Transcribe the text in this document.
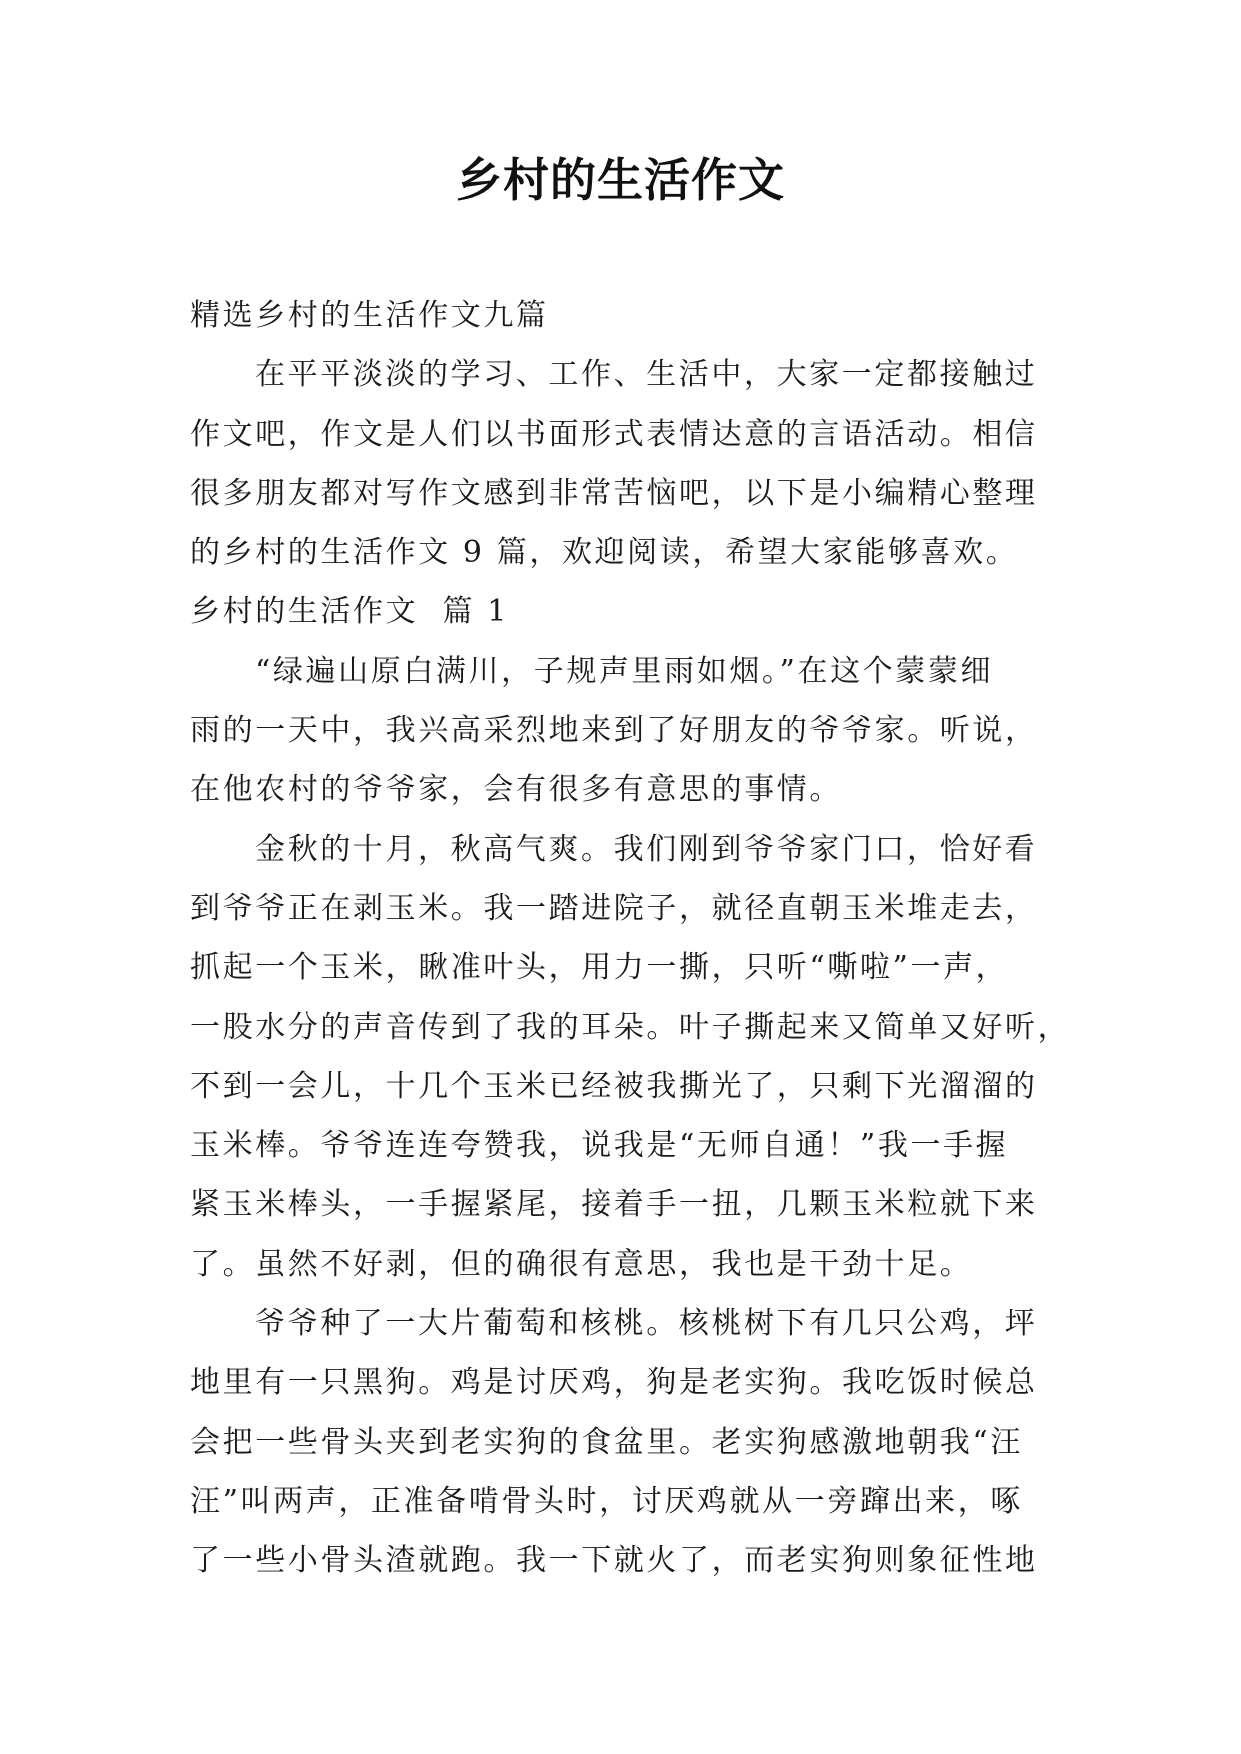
乡村的生活作文
精选乡村的生活作文九篇
在平平淡淡的学习、工作、生活中，大家一定都接触过
作文吧，作文是人们以书面形式表情达意的言语活动。相信
很多朋友都对写作文感到非常苦恼吧，以下是小编精心整理
的乡村的生活作文 9 篇，欢迎阅读，希望大家能够喜欢。
乡村的生活作文  篇 1
“绿遍山原白满川，子规声里雨如烟。”在这个蒙蒙细
雨的一天中，我兴高采烈地来到了好朋友的爷爷家。听说，
在他农村的爷爷家，会有很多有意思的事情。
金秋的十月，秋高气爽。我们刚到爷爷家门口，恰好看
到爷爷正在剥玉米。我一踏进院子，就径直朝玉米堆走去，
抓起一个玉米，瞅准叶头，用力一撕，只听“嘶啦”一声，
一股水分的声音传到了我的耳朵。叶子撕起来又简单又好听，
不到一会儿，十几个玉米已经被我撕光了，只剩下光溜溜的
玉米棒。爷爷连连夸赞我，说我是“无师自通！”我一手握
紧玉米棒头，一手握紧尾，接着手一扭，几颗玉米粒就下来
了。虽然不好剥，但的确很有意思，我也是干劲十足。
爷爷种了一大片葡萄和核桃。核桃树下有几只公鸡，坪
地里有一只黑狗。鸡是讨厌鸡，狗是老实狗。我吃饭时候总
会把一些骨头夹到老实狗的食盆里。老实狗感激地朝我“汪
汪”叫两声，正准备啃骨头时，讨厌鸡就从一旁蹿出来，啄
了一些小骨头渣就跑。我一下就火了，而老实狗则象征性地
